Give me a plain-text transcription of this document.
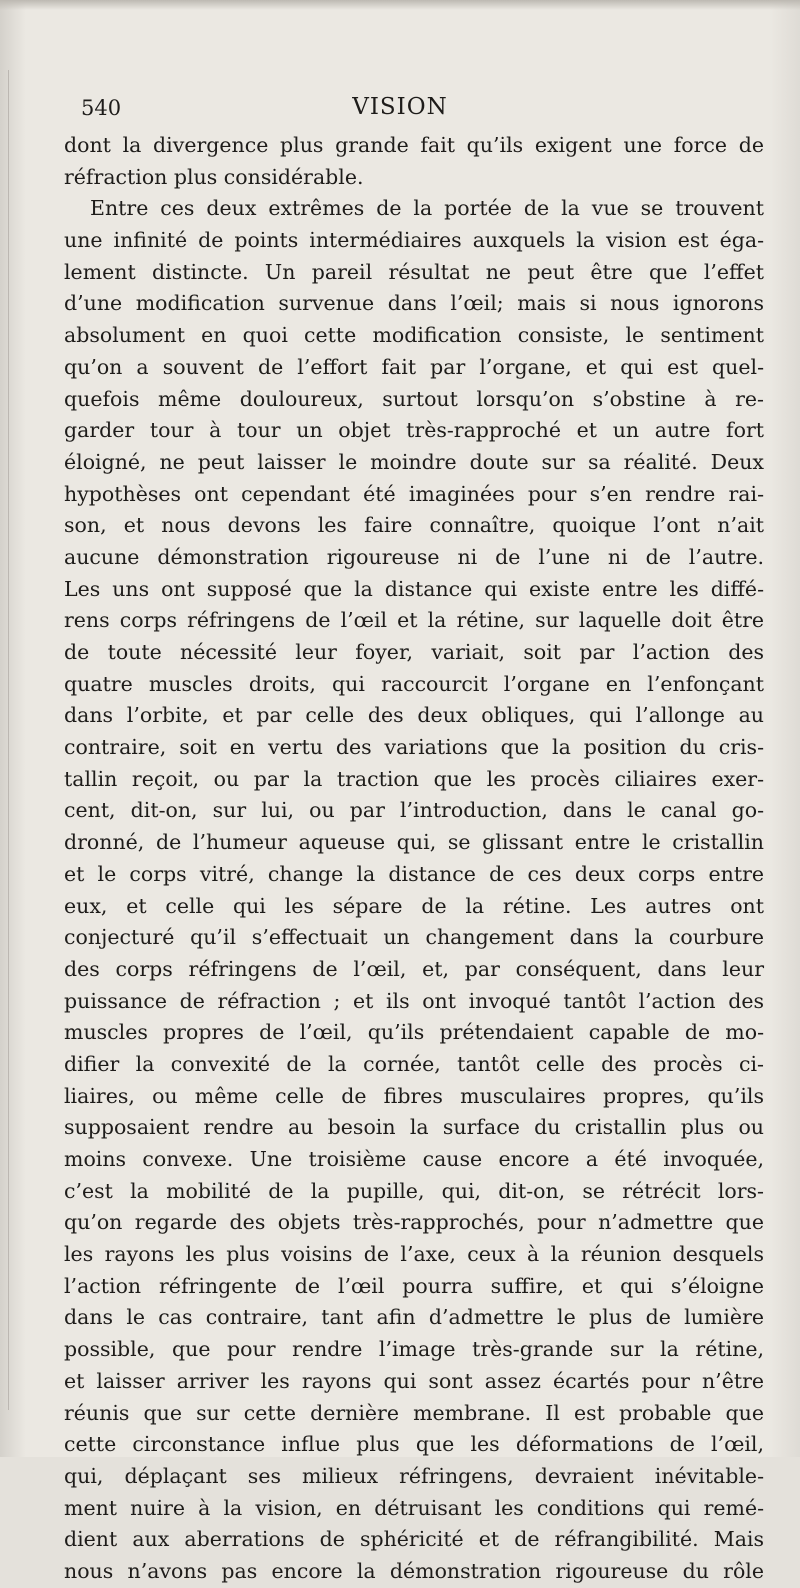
540	VISION
dont la divergence plus grande fait qu’ils exigent une force de
réfraction plus considérable.
Entre ces deux extrêmes de la portée de la vue se trouvent
une infinité de points intermédiaires auxquels la vision est éga-
lement distincte. Un pareil résultat ne peut être que l’effet
d’une modification survenue dans l’œil; mais si nous ignorons
absolument en quoi cette modification consiste, le sentiment
qu’on a souvent de l’effort fait par l’organe, et qui est quel-
quefois même douloureux, surtout lorsqu’on s’obstine à re-
garder tour à tour un objet très-rapproché et un autre fort
éloigné, ne peut laisser le moindre doute sur sa réalité. Deux
hypothèses ont cependant été imaginées pour s’en rendre rai-
son, et nous devons les faire connaître, quoique l’ont n’ait
aucune démonstration rigoureuse ni de l’une ni de l’autre.
Les uns ont supposé que la distance qui existe entre les diffé-
rens corps réfringens de l’œil et la rétine, sur laquelle doit être
de toute nécessité leur foyer, variait, soit par l’action des
quatre muscles droits, qui raccourcit l’organe en l’enfonçant
dans l’orbite, et par celle des deux obliques, qui l’allonge au
contraire, soit en vertu des variations que la position du cris-
tallin reçoit, ou par la traction que les procès ciliaires exer-
cent, dit-on, sur lui, ou par l’introduction, dans le canal go-
dronné, de l’humeur aqueuse qui, se glissant entre le cristallin
et le corps vitré, change la distance de ces deux corps entre
eux, et celle qui les sépare de la rétine. Les autres ont
conjecturé qu’il s’effectuait un changement dans la courbure
des corps réfringens de l’œil, et, par conséquent, dans leur
puissance de réfraction ; et ils ont invoqué tantôt l’action des
muscles propres de l’œil, qu’ils prétendaient capable de mo-
difier la convexité de la cornée, tantôt celle des procès ci-
liaires, ou même celle de fibres musculaires propres, qu’ils
supposaient rendre au besoin la surface du cristallin plus ou
moins convexe. Une troisième cause encore a été invoquée,
c’est la mobilité de la pupille, qui, dit-on, se rétrécit lors-
qu’on regarde des objets très-rapprochés, pour n’admettre que
les rayons les plus voisins de l’axe, ceux à la réunion desquels
l’action réfringente de l’œil pourra suffire, et qui s’éloigne
dans le cas contraire, tant afin d’admettre le plus de lumière
possible, que pour rendre l’image très-grande sur la rétine,
et laisser arriver les rayons qui sont assez écartés pour n’être
réunis que sur cette dernière membrane. Il est probable que
cette circonstance influe plus que les déformations de l’œil,
qui, déplaçant ses milieux réfringens, devraient inévitable-
ment nuire à la vision, en détruisant les conditions qui remé-
dient aux aberrations de sphéricité et de réfrangibilité. Mais
nous n’avons pas encore la démonstration rigoureuse du rôle
